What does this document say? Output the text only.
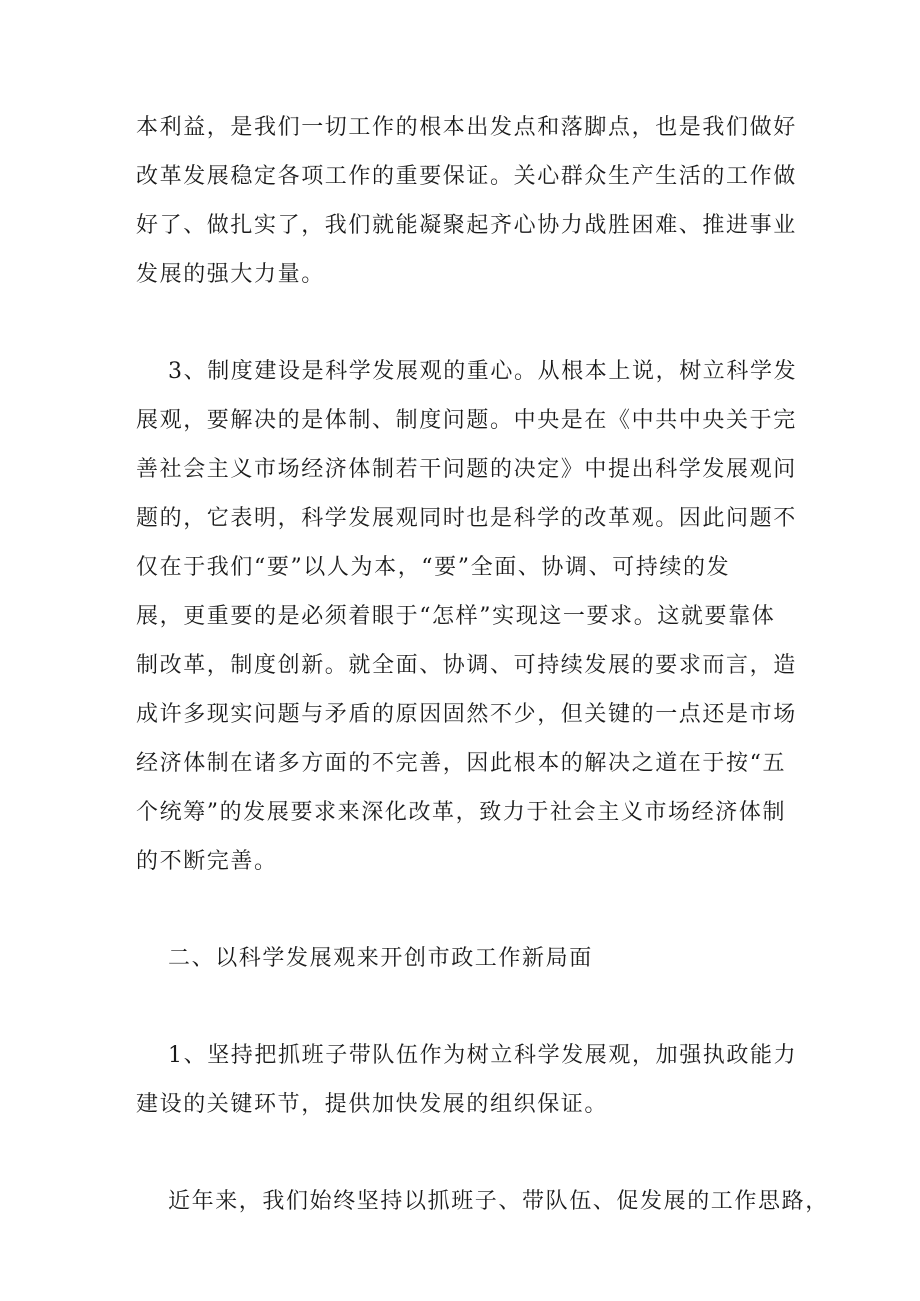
本利益，是我们一切工作的根本出发点和落脚点，也是我们做好
改革发展稳定各项工作的重要保证。关心群众生产生活的工作做
好了、做扎实了，我们就能凝聚起齐心协力战胜困难、推进事业
发展的强大力量。
3、制度建设是科学发展观的重心。从根本上说，树立科学发
展观，要解决的是体制、制度问题。中央是在《中共中央关于完
善社会主义市场经济体制若干问题的决定》中提出科学发展观问
题的，它表明，科学发展观同时也是科学的改革观。因此问题不
仅在于我们“要”以人为本，“要”全面、协调、可持续的发
展，更重要的是必须着眼于“怎样”实现这一要求。这就要靠体
制改革，制度创新。就全面、协调、可持续发展的要求而言，造
成许多现实问题与矛盾的原因固然不少，但关键的一点还是市场
经济体制在诸多方面的不完善，因此根本的解决之道在于按“五
个统筹”的发展要求来深化改革，致力于社会主义市场经济体制
的不断完善。
二、以科学发展观来开创市政工作新局面
1、坚持把抓班子带队伍作为树立科学发展观，加强执政能力
建设的关键环节，提供加快发展的组织保证。
近年来，我们始终坚持以抓班子、带队伍、促发展的工作思路，
